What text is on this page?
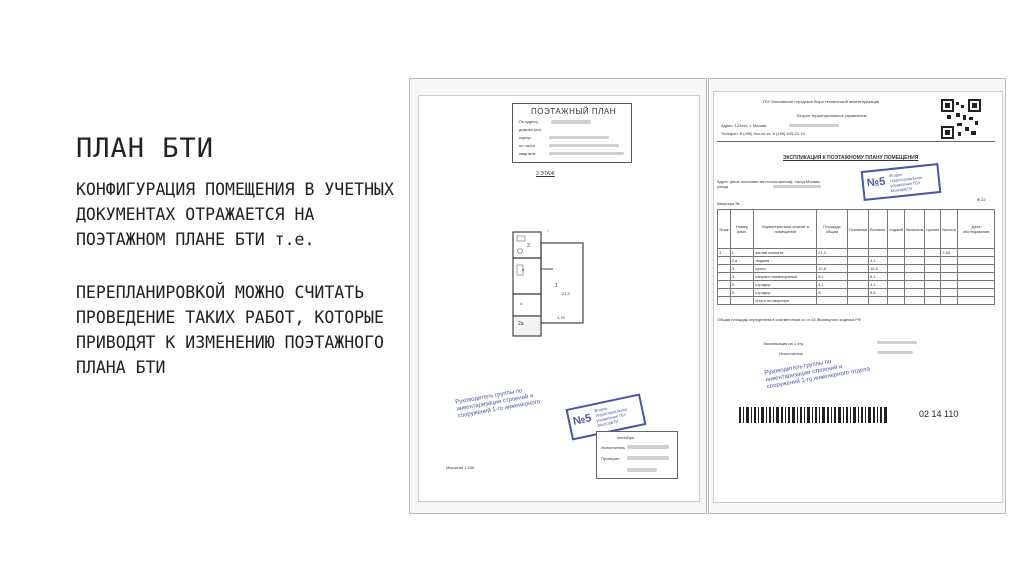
ПЛАН БТИ

КОНФИГУРАЦИЯ ПОМЕЩЕНИЯ В УЧЕТНЫХ ДОКУМЕНТАХ ОТРАЖАЕТСЯ НА ПОЭТАЖНОМ ПЛАНЕ БТИ т.е.

ПЕРЕПЛАНИРОВКОЙ МОЖНО СЧИТАТЬ ПРОВЕДЕНИЕ ТАКИХ РАБОТ, КОТОРЫЕ ПРИВОДЯТ К ИЗМЕНЕНИЮ ПОЭТАЖНОГО ПЛАНА БТИ

ПОЭТАЖНЫЙ ПЛАН
По адресу
домовл (вл)
корпус
по части
квартале
3 ЭТАЖ
3
1
21,3
2а
5
4
1,70
Руководитель группы по инвентаризации строений и сооружений 1-го инженерного
№5
Второе территориальное управление ГБУ МосгорБТИ
сентября
Исполнитель
Проверил
Масштаб 1:200
ГБУ Московское городское бюро технической инвентаризации
Второе территориальное управление
Адрес: 123xxx, г. Москва
Телефон: 8 (495) 6xx-xx-xx, 8 (495) 625-22-19
ЭКСПЛИКАЦИЯ К ПОЭТАЖНОМУ ПЛАНУ ПОМЕЩЕНИЯ
Адрес (иное описание местоположения): город Москва, улица	№5
Второе территориальное управление ГБУ МосгорБТИ
Ф.22
Квартира № ..
Этаж	Номер комн.	Характеристики комнат и помещений	Площадь общая	Основная	Вспомог.	лоджий	балконов	прочих	Высота	Дата обследования
3	1	жилая комната	21,3						2,65	
	2,а	лоджия			4,1					
	3	кухня	10,8		10,8					
	4	санузел совмещенный	5,1		5,1					
	5	коридор	4,1		4,1					
	5	коридор	8		9,6					
		Итого по квартире								
Общая площадь определена в соответствии со ст.15 Жилищного кодекса РФ
Экспликация на 1 стр.
Исполнитель
Руководитель группы по инвентаризации строений и сооружений 1-го инженерного отдела
02 14 110
